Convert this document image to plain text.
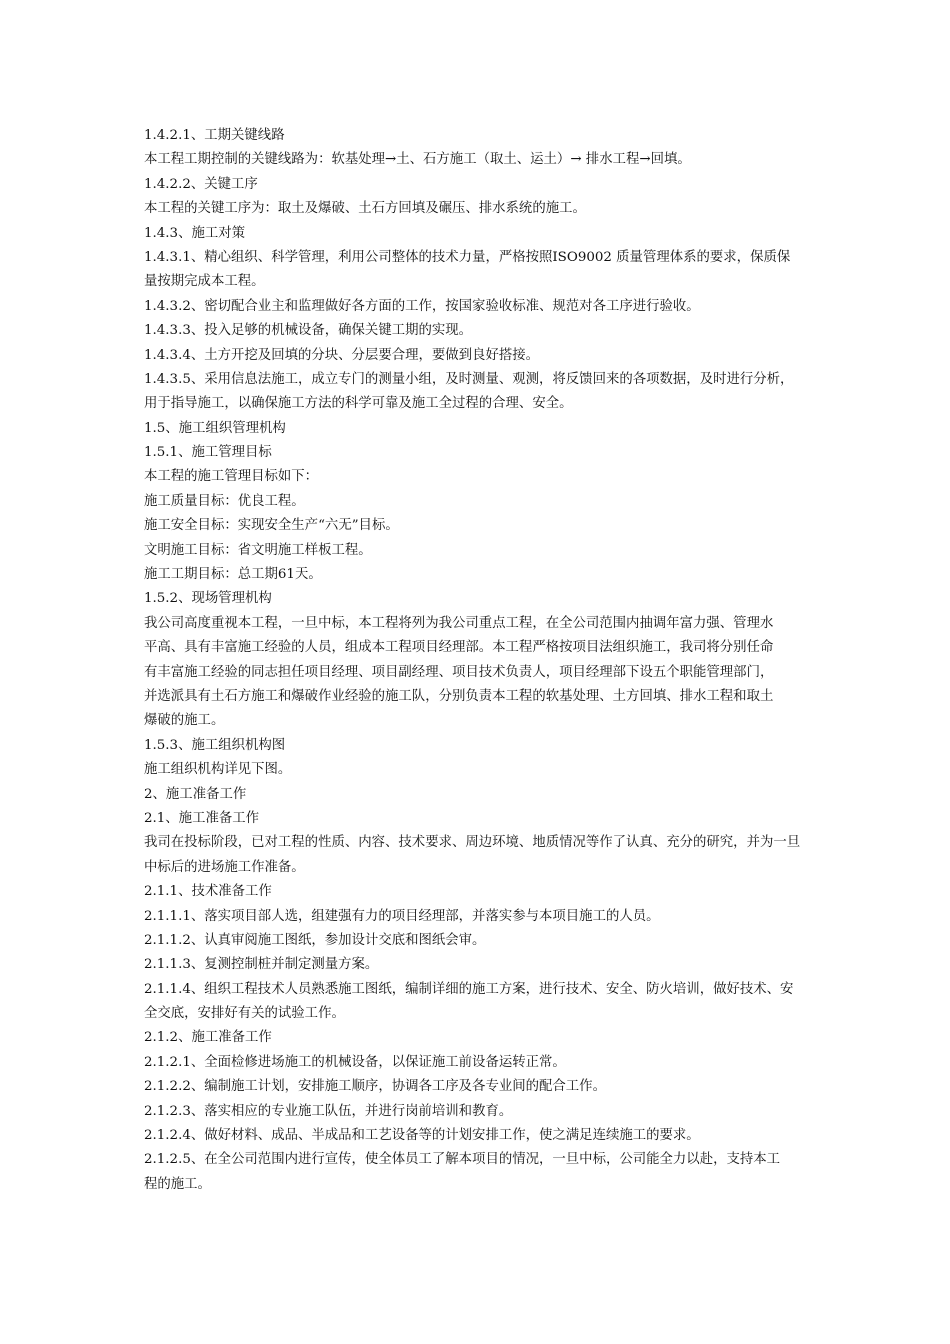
1.4.2.1、工期关键线路
本工程工期控制的关键线路为：软基处理→土、石方施工（取土、运土）→ 排水工程→回填。
1.4.2.2、关键工序
本工程的关键工序为：取土及爆破、土石方回填及碾压、排水系统的施工。
1.4.3、施工对策
1.4.3.1、精心组织、科学管理，利用公司整体的技术力量，严格按照ISO9002 质量管理体系的要求，保质保
量按期完成本工程。
1.4.3.2、密切配合业主和监理做好各方面的工作，按国家验收标准、规范对各工序进行验收。
1.4.3.3、投入足够的机械设备，确保关键工期的实现。
1.4.3.4、土方开挖及回填的分块、分层要合理，要做到良好搭接。
1.4.3.5、采用信息法施工，成立专门的测量小组，及时测量、观测，将反馈回来的各项数据，及时进行分析，
用于指导施工，以确保施工方法的科学可靠及施工全过程的合理、安全。
1.5、施工组织管理机构
1.5.1、施工管理目标
本工程的施工管理目标如下：
施工质量目标：优良工程。
施工安全目标：实现安全生产“六无”目标。
文明施工目标：省文明施工样板工程。
施工工期目标：总工期61天。
1.5.2、现场管理机构
我公司高度重视本工程，一旦中标，本工程将列为我公司重点工程，在全公司范围内抽调年富力强、管理水
平高、具有丰富施工经验的人员，组成本工程项目经理部。本工程严格按项目法组织施工，我司将分别任命
有丰富施工经验的同志担任项目经理、项目副经理、项目技术负责人，项目经理部下设五个职能管理部门，
并选派具有土石方施工和爆破作业经验的施工队，分别负责本工程的软基处理、土方回填、排水工程和取土
爆破的施工。
1.5.3、施工组织机构图
施工组织机构详见下图。
2、施工准备工作
2.1、施工准备工作
我司在投标阶段，已对工程的性质、内容、技术要求、周边环境、地质情况等作了认真、充分的研究，并为一旦
中标后的进场施工作准备。
2.1.1、技术准备工作
2.1.1.1、落实项目部人选，组建强有力的项目经理部，并落实参与本项目施工的人员。
2.1.1.2、认真审阅施工图纸，参加设计交底和图纸会审。
2.1.1.3、复测控制桩并制定测量方案。
2.1.1.4、组织工程技术人员熟悉施工图纸，编制详细的施工方案，进行技术、安全、防火培训，做好技术、安
全交底，安排好有关的试验工作。
2.1.2、施工准备工作
2.1.2.1、全面检修进场施工的机械设备，以保证施工前设备运转正常。
2.1.2.2、编制施工计划，安排施工顺序，协调各工序及各专业间的配合工作。
2.1.2.3、落实相应的专业施工队伍，并进行岗前培训和教育。
2.1.2.4、做好材料、成品、半成品和工艺设备等的计划安排工作，使之满足连续施工的要求。
2.1.2.5、在全公司范围内进行宣传，使全体员工了解本项目的情况，一旦中标，公司能全力以赴，支持本工
程的施工。
